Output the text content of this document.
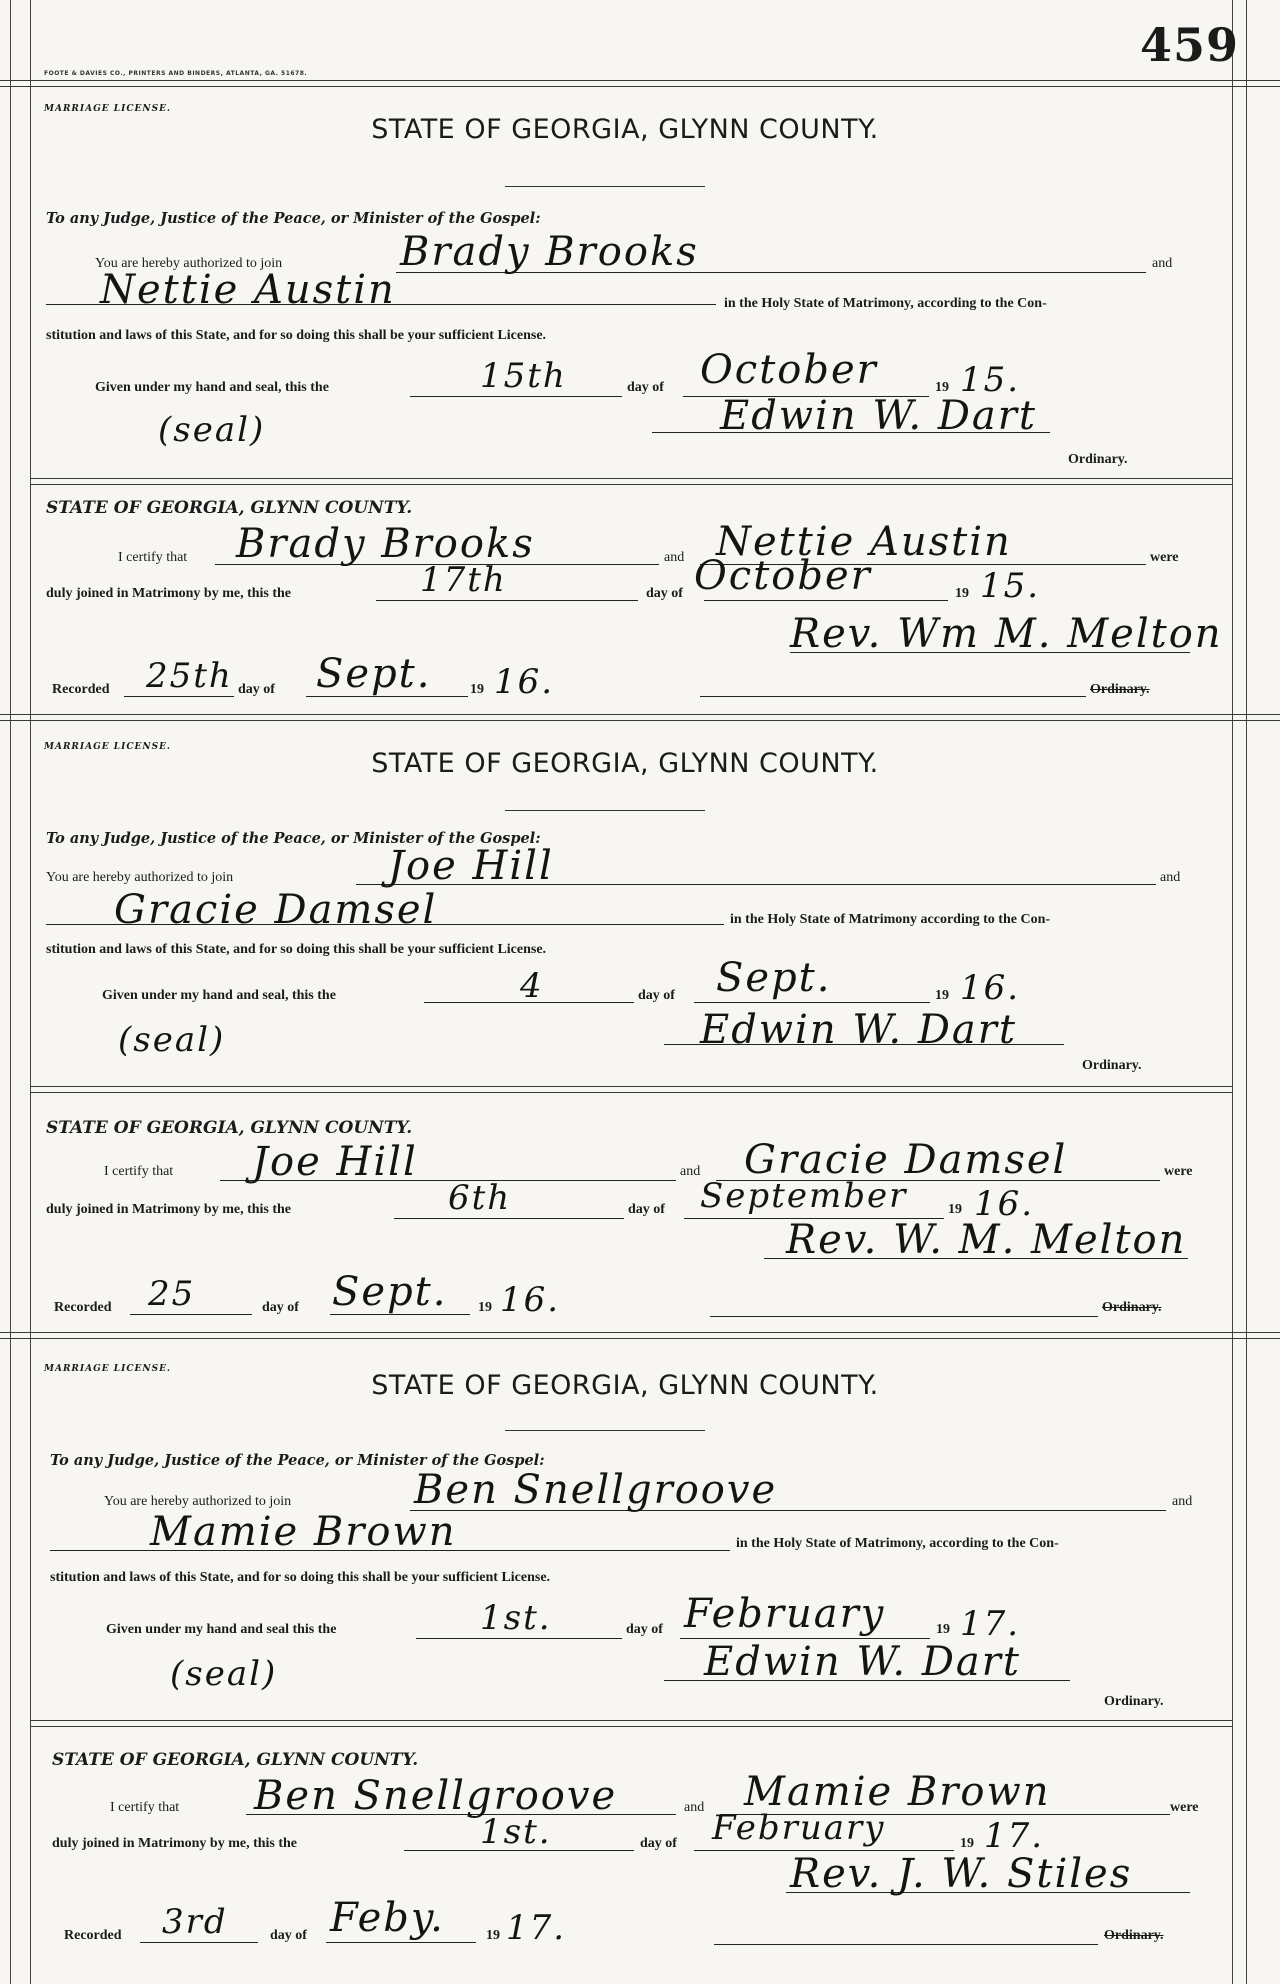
459
FOOTE & DAVIES CO., PRINTERS AND BINDERS, ATLANTA, GA. 51678.
MARRIAGE LICENSE.
STATE OF GEORGIA, GLYNN COUNTY.
To any Judge, Justice of the Peace, or Minister of the Gospel:
You are hereby authorized to join	Brady Brooks	and
Nettie Austin	in the Holy State of Matrimony, according to the Con-
stitution and laws of this State, and for so doing this shall be your sufficient License.
Given under my hand and seal, this the	15th	day of October	19 15.
(seal)	Edwin W. Dart
Ordinary.
STATE OF GEORGIA, GLYNN COUNTY.
I certify that Brady Brooks	and Nettie Austin	were
duly joined in Matrimony by me, this the	17th	day of October	19 15.
Rev. Wm M. Melton
Recorded 25th day of Sept.	19 16.	Ordinary.
MARRIAGE LICENSE.
STATE OF GEORGIA, GLYNN COUNTY.
To any Judge, Justice of the Peace, or Minister of the Gospel:
You are hereby authorized to join	Joe Hill	and
Gracie Damsel	in the Holy State of Matrimony according to the Con-
stitution and laws of this State, and for so doing this shall be your sufficient License.
Given under my hand and seal, this the	4	day of Sept.	19 16.
(seal)	Edwin W. Dart
Ordinary.
STATE OF GEORGIA, GLYNN COUNTY.
I certify that Joe Hill	and Gracie Damsel	were
duly joined in Matrimony by me, this the	6th	day of September	19 16.
Rev. W. M. Melton
Recorded 25	day of Sept. 19 16.	Ordinary.
MARRIAGE LICENSE.
STATE OF GEORGIA, GLYNN COUNTY.
To any Judge, Justice of the Peace, or Minister of the Gospel:
You are hereby authorized to join	Ben Snellgroove	and
Mamie Brown	in the Holy State of Matrimony, according to the Con-
stitution and laws of this State, and for so doing this shall be your sufficient License.
Given under my hand and seal this the	1st.	day of February	19 17.
(seal)	Edwin W. Dart
Ordinary.
STATE OF GEORGIA, GLYNN COUNTY.
I certify that Ben Snellgroove	and Mamie Brown	were
duly joined in Matrimony by me, this the	1st.	day of February	19 17.
Rev. J. W. Stiles
Recorded 3rd	day of Feby.	19 17.	Ordinary.
